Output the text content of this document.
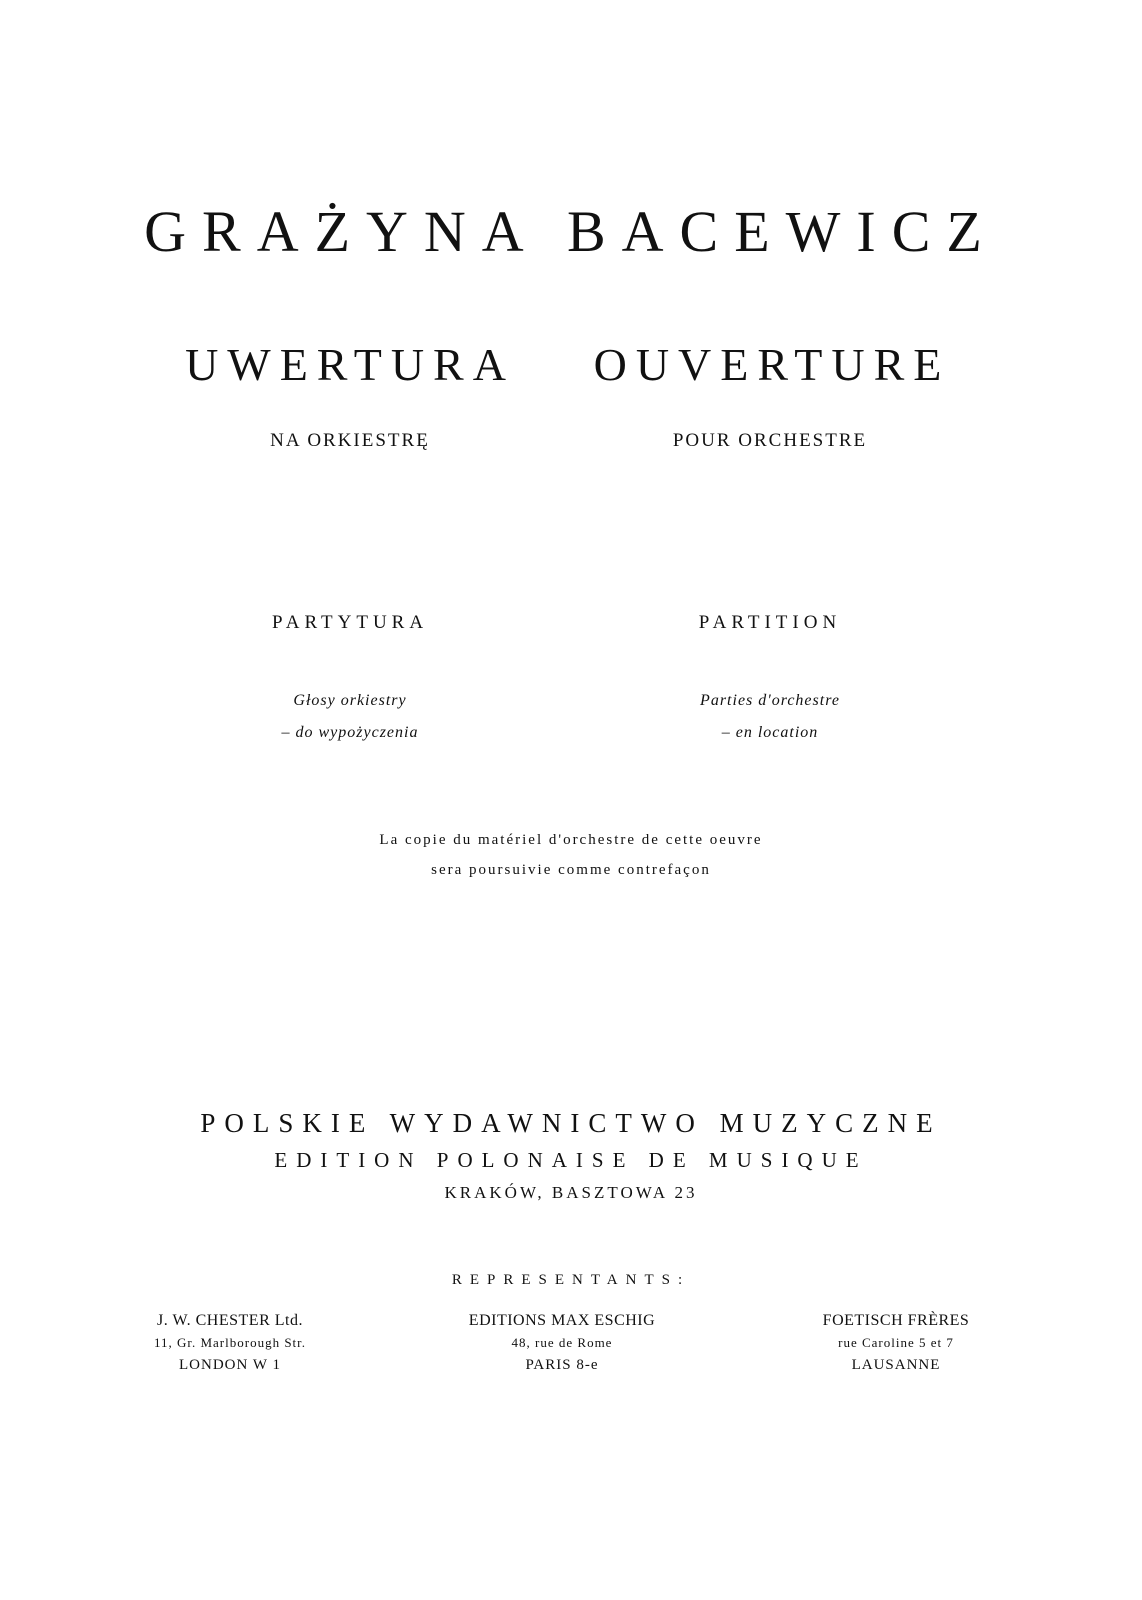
GRAŻYNA BACEWICZ
UWERTURA	OUVERTURE
NA ORKIESTRĘ	POUR ORCHESTRE
PARTYTURA	PARTITION
Głosy orkiestry
– do wypożyczenia
Parties d'orchestre
– en location
La copie du matériel d'orchestre de cette oeuvre
sera poursuivie comme contrefaçon
POLSKIE WYDAWNICTWO MUZYCZNE
EDITION POLONAISE DE MUSIQUE
KRAKÓW, BASZTOWA 23
REPRESENTANTS:
J. W. CHESTER Ltd.
11, Gr. Marlborough Str.
LONDON W 1
EDITIONS MAX ESCHIG
48, rue de Rome
PARIS 8-e
FOETISCH FRÈRES
rue Caroline 5 et 7
LAUSANNE
